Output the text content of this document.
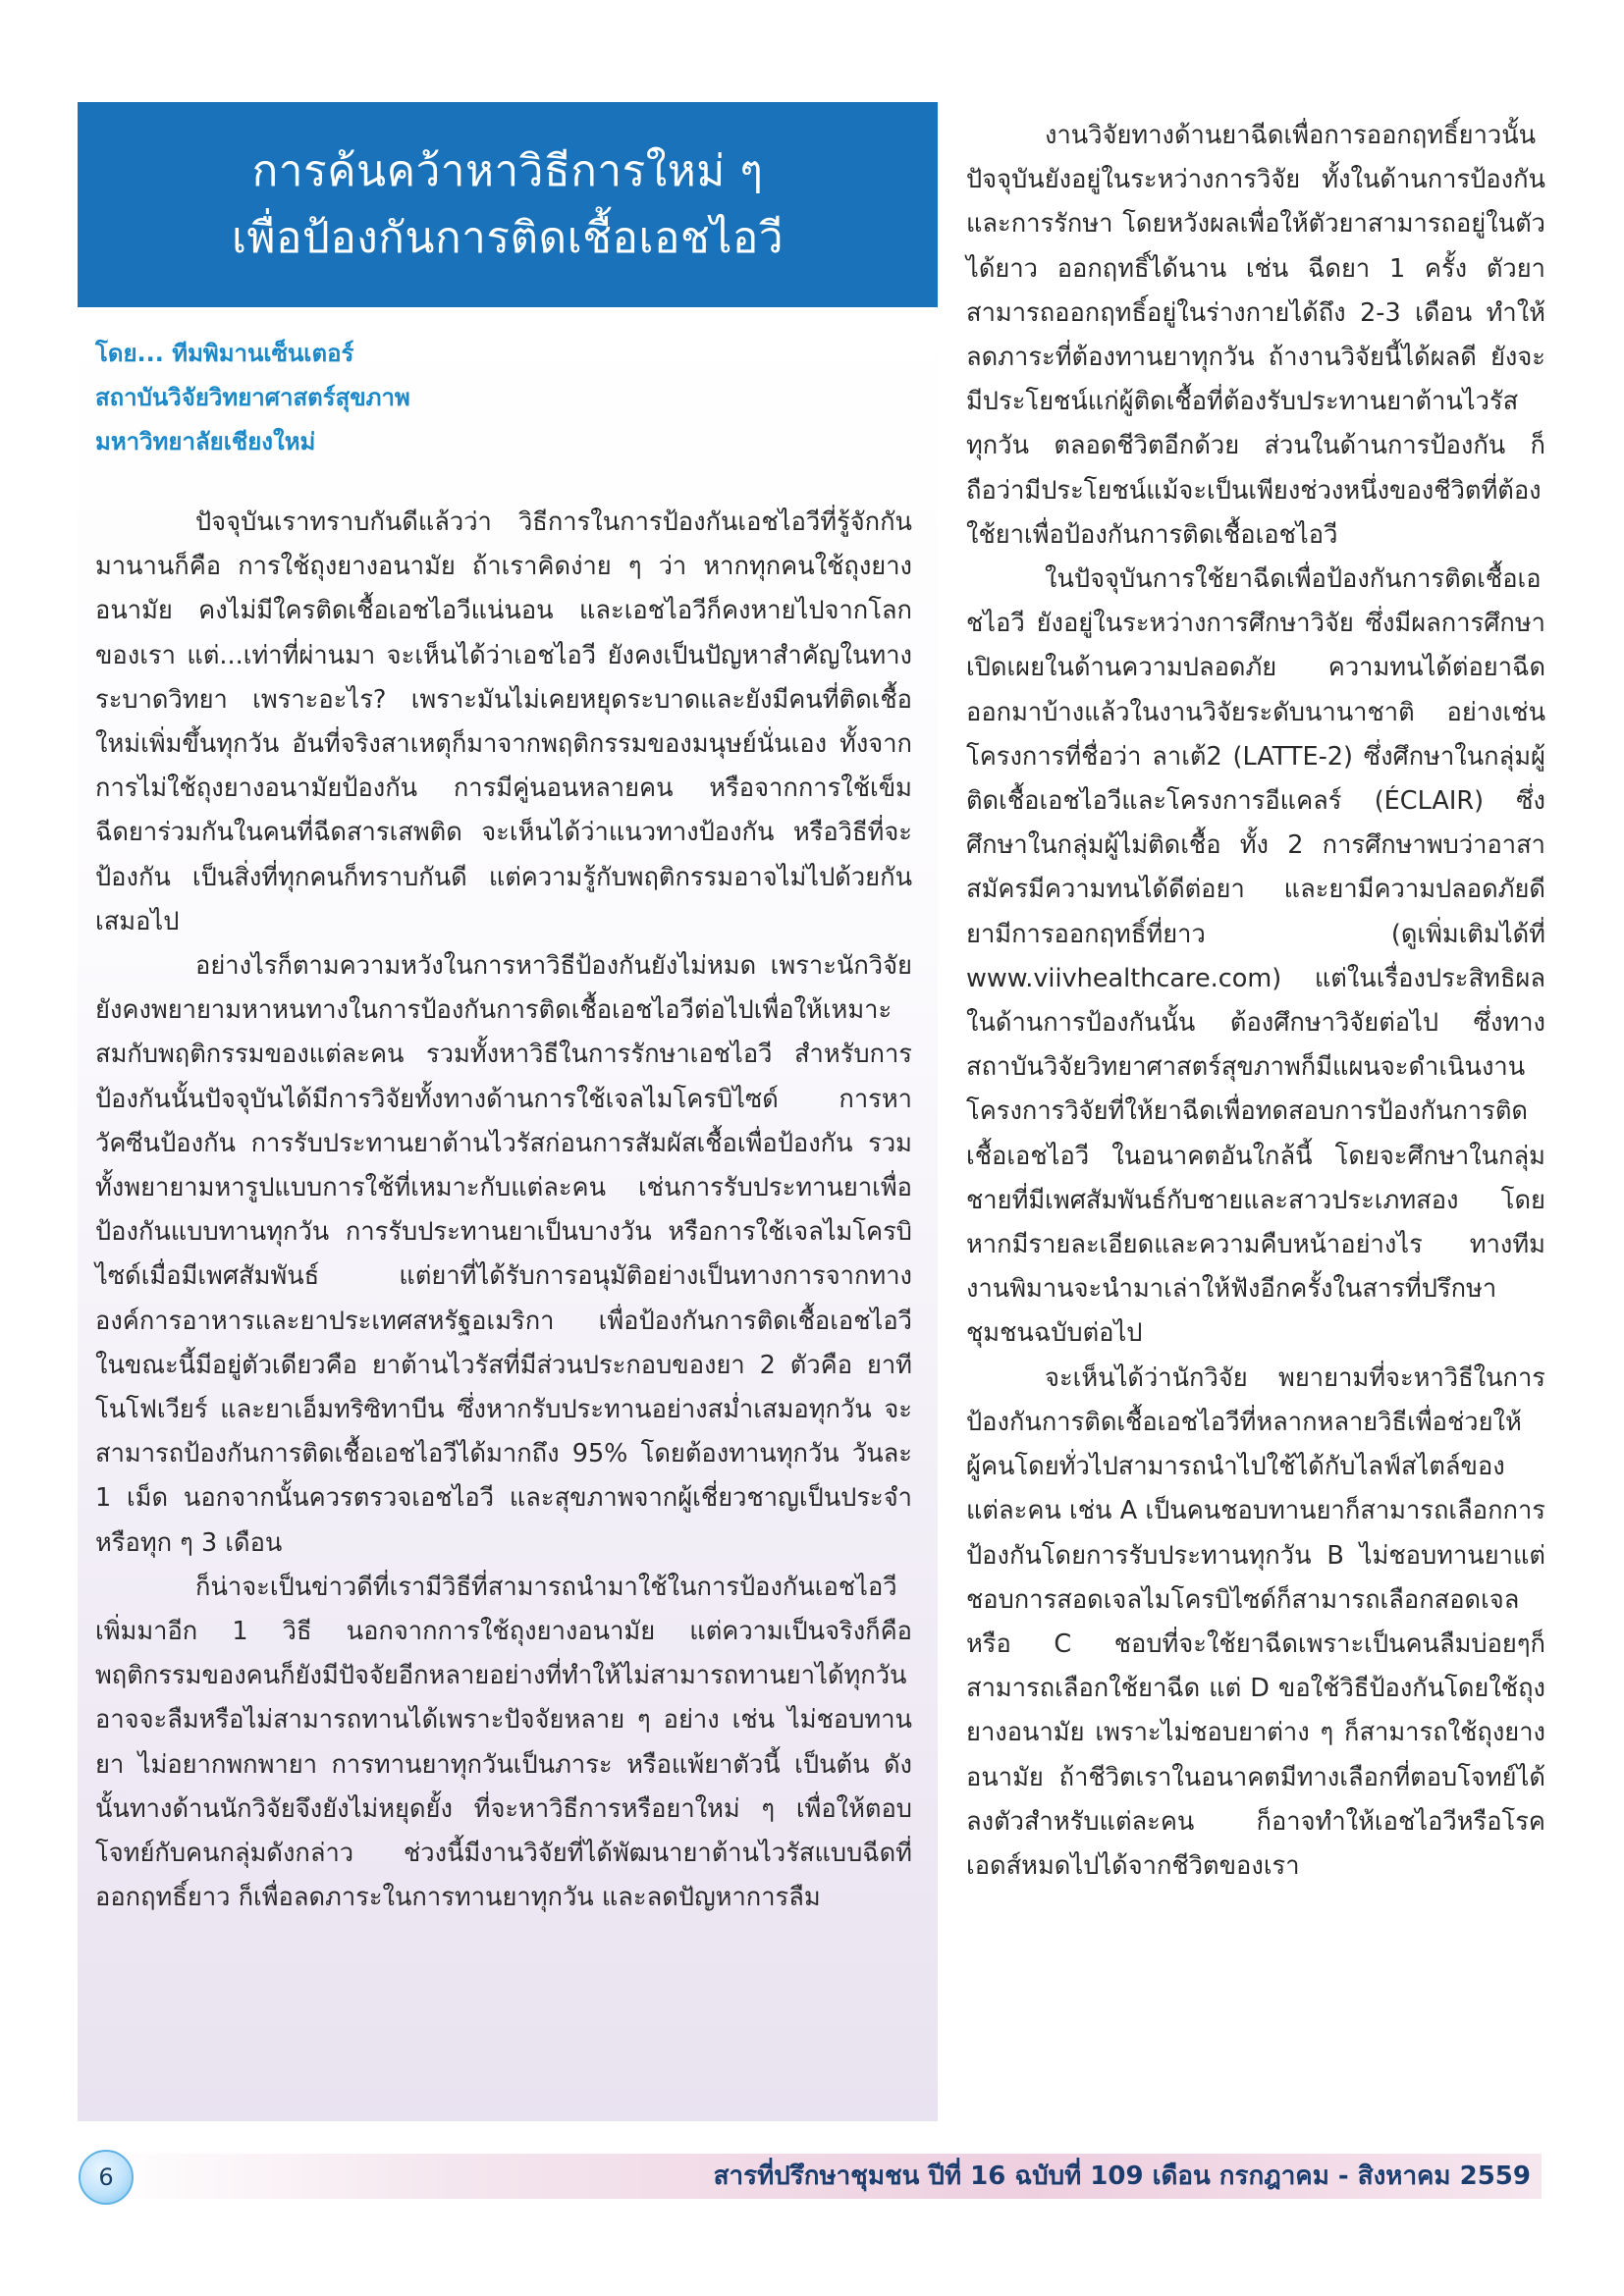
การค้นคว้าหาวิธีการใหม่ ๆ
เพื่อป้องกันการติดเชื้อเอชไอวี
โดย... ทีมพิมานเซ็นเตอร์
สถาบันวิจัยวิทยาศาสตร์สุขภาพ
มหาวิทยาลัยเชียงใหม่

ปัจจุบันเราทราบกันดีแล้วว่า วิธีการในการป้องกันเอชไอวีที่รู้จักกันมานานก็คือ การใช้ถุงยางอนามัย ถ้าเราคิดง่าย ๆ ว่า หากทุกคนใช้ถุงยางอนามัย คงไม่มีใครติดเชื้อเอชไอวีแน่นอน และเอชไอวีก็คงหายไปจากโลกของเรา แต่...เท่าที่ผ่านมา จะเห็นได้ว่าเอชไอวี ยังคงเป็นปัญหาสำคัญในทางระบาดวิทยา เพราะอะไร? เพราะมันไม่เคยหยุดระบาดและยังมีคนที่ติดเชื้อใหม่เพิ่มขึ้นทุกวัน อันที่จริงสาเหตุก็มาจากพฤติกรรมของมนุษย์นั่นเอง ทั้งจากการไม่ใช้ถุงยางอนามัยป้องกัน การมีคู่นอนหลายคน หรือจากการใช้เข็มฉีดยาร่วมกันในคนที่ฉีดสารเสพติด จะเห็นได้ว่าแนวทางป้องกัน หรือวิธีที่จะป้องกัน เป็นสิ่งที่ทุกคนก็ทราบกันดี แต่ความรู้กับพฤติกรรมอาจไม่ไปด้วยกันเสมอไป

อย่างไรก็ตามความหวังในการหาวิธีป้องกันยังไม่หมด เพราะนักวิจัยยังคงพยายามหาหนทางในการป้องกันการติดเชื้อเอชไอวีต่อไปเพื่อให้เหมาะสมกับพฤติกรรมของแต่ละคน รวมทั้งหาวิธีในการรักษาเอชไอวี สำหรับการป้องกันนั้นปัจจุบันได้มีการวิจัยทั้งทางด้านการใช้เจลไมโครบิไซด์ การหาวัคซีนป้องกัน การรับประทานยาต้านไวรัสก่อนการสัมผัสเชื้อเพื่อป้องกัน รวมทั้งพยายามหารูปแบบการใช้ที่เหมาะกับแต่ละคน เช่นการรับประทานยาเพื่อป้องกันแบบทานทุกวัน การรับประทานยาเป็นบางวัน หรือการใช้เจลไมโครบิไซด์เมื่อมีเพศสัมพันธ์ แต่ยาที่ได้รับการอนุมัติอย่างเป็นทางการจากทางองค์การอาหารและยาประเทศสหรัฐอเมริกา เพื่อป้องกันการติดเชื้อเอชไอวี ในขณะนี้มีอยู่ตัวเดียวคือ ยาต้านไวรัสที่มีส่วนประกอบของยา 2 ตัวคือ ยาทีโนโฟเวียร์ และยาเอ็มทริซิทาบีน ซึ่งหากรับประทานอย่างสม่ำเสมอทุกวัน จะสามารถป้องกันการติดเชื้อเอชไอวีได้มากถึง 95% โดยต้องทานทุกวัน วันละ 1 เม็ด นอกจากนั้นควรตรวจเอชไอวี และสุขภาพจากผู้เชี่ยวชาญเป็นประจำ หรือทุก ๆ 3 เดือน

ก็น่าจะเป็นข่าวดีที่เรามีวิธีที่สามารถนำมาใช้ในการป้องกันเอชไอวีเพิ่มมาอีก 1 วิธี นอกจากการใช้ถุงยางอนามัย แต่ความเป็นจริงก็คือพฤติกรรมของคนก็ยังมีปัจจัยอีกหลายอย่างที่ทำให้ไม่สามารถทานยาได้ทุกวัน อาจจะลืมหรือไม่สามารถทานได้เพราะปัจจัยหลาย ๆ อย่าง เช่น ไม่ชอบทานยา ไม่อยากพกพายา การทานยาทุกวันเป็นภาระ หรือแพ้ยาตัวนี้ เป็นต้น ดังนั้นทางด้านนักวิจัยจึงยังไม่หยุดยั้ง ที่จะหาวิธีการหรือยาใหม่ ๆ เพื่อให้ตอบโจทย์กับคนกลุ่มดังกล่าว ช่วงนี้มีงานวิจัยที่ได้พัฒนายาต้านไวรัสแบบฉีดที่ออกฤทธิ์ยาว ก็เพื่อลดภาระในการทานยาทุกวัน และลดปัญหาการลืม

งานวิจัยทางด้านยาฉีดเพื่อการออกฤทธิ์ยาวนั้น ปัจจุบันยังอยู่ในระหว่างการวิจัย ทั้งในด้านการป้องกันและการรักษา โดยหวังผลเพื่อให้ตัวยาสามารถอยู่ในตัวได้ยาว ออกฤทธิ์ได้นาน เช่น ฉีดยา 1 ครั้ง ตัวยาสามารถออกฤทธิ์อยู่ในร่างกายได้ถึง 2-3 เดือน ทำให้ลดภาระที่ต้องทานยาทุกวัน ถ้างานวิจัยนี้ได้ผลดี ยังจะมีประโยชน์แก่ผู้ติดเชื้อที่ต้องรับประทานยาต้านไวรัสทุกวัน ตลอดชีวิตอีกด้วย ส่วนในด้านการป้องกัน ก็ถือว่ามีประโยชน์แม้จะเป็นเพียงช่วงหนึ่งของชีวิตที่ต้องใช้ยาเพื่อป้องกันการติดเชื้อเอชไอวี

ในปัจจุบันการใช้ยาฉีดเพื่อป้องกันการติดเชื้อเอชไอวี ยังอยู่ในระหว่างการศึกษาวิจัย ซึ่งมีผลการศึกษาเปิดเผยในด้านความปลอดภัย ความทนได้ต่อยาฉีดออกมาบ้างแล้วในงานวิจัยระดับนานาชาติ อย่างเช่นโครงการที่ชื่อว่า ลาเต้2 (LATTE-2) ซึ่งศึกษาในกลุ่มผู้ติดเชื้อเอชไอวีและโครงการอีแคลร์ (ÉCLAIR) ซึ่งศึกษาในกลุ่มผู้ไม่ติดเชื้อ ทั้ง 2 การศึกษาพบว่าอาสาสมัครมีความทนได้ดีต่อยา และยามีความปลอดภัยดี ยามีการออกฤทธิ์ที่ยาว (ดูเพิ่มเติมได้ที่ www.viivhealthcare.com) แต่ในเรื่องประสิทธิผลในด้านการป้องกันนั้น ต้องศึกษาวิจัยต่อไป ซึ่งทางสถาบันวิจัยวิทยาศาสตร์สุขภาพก็มีแผนจะดำเนินงานโครงการวิจัยที่ให้ยาฉีดเพื่อทดสอบการป้องกันการติดเชื้อเอชไอวี ในอนาคตอันใกล้นี้ โดยจะศึกษาในกลุ่มชายที่มีเพศสัมพันธ์กับชายและสาวประเภทสอง โดยหากมีรายละเอียดและความคืบหน้าอย่างไร ทางทีมงานพิมานจะนำมาเล่าให้ฟังอีกครั้งในสารที่ปรึกษาชุมชนฉบับต่อไป

จะเห็นได้ว่านักวิจัย พยายามที่จะหาวิธีในการป้องกันการติดเชื้อเอชไอวีที่หลากหลายวิธีเพื่อช่วยให้ผู้คนโดยทั่วไปสามารถนำไปใช้ได้กับไลฟ์สไตล์ของแต่ละคน เช่น A เป็นคนชอบทานยาก็สามารถเลือกการป้องกันโดยการรับประทานทุกวัน B ไม่ชอบทานยาแต่ชอบการสอดเจลไมโครบิไซด์ก็สามารถเลือกสอดเจล หรือ C ชอบที่จะใช้ยาฉีดเพราะเป็นคนลืมบ่อยๆก็สามารถเลือกใช้ยาฉีด แต่ D ขอใช้วิธีป้องกันโดยใช้ถุงยางอนามัย เพราะไม่ชอบยาต่าง ๆ ก็สามารถใช้ถุงยางอนามัย ถ้าชีวิตเราในอนาคตมีทางเลือกที่ตอบโจทย์ได้ลงตัวสำหรับแต่ละคน ก็อาจทำให้เอชไอวีหรือโรคเอดส์หมดไปได้จากชีวิตของเรา

6	สารที่ปรึกษาชุมชน ปีที่ 16 ฉบับที่ 109 เดือน กรกฎาคม - สิงหาคม 2559
